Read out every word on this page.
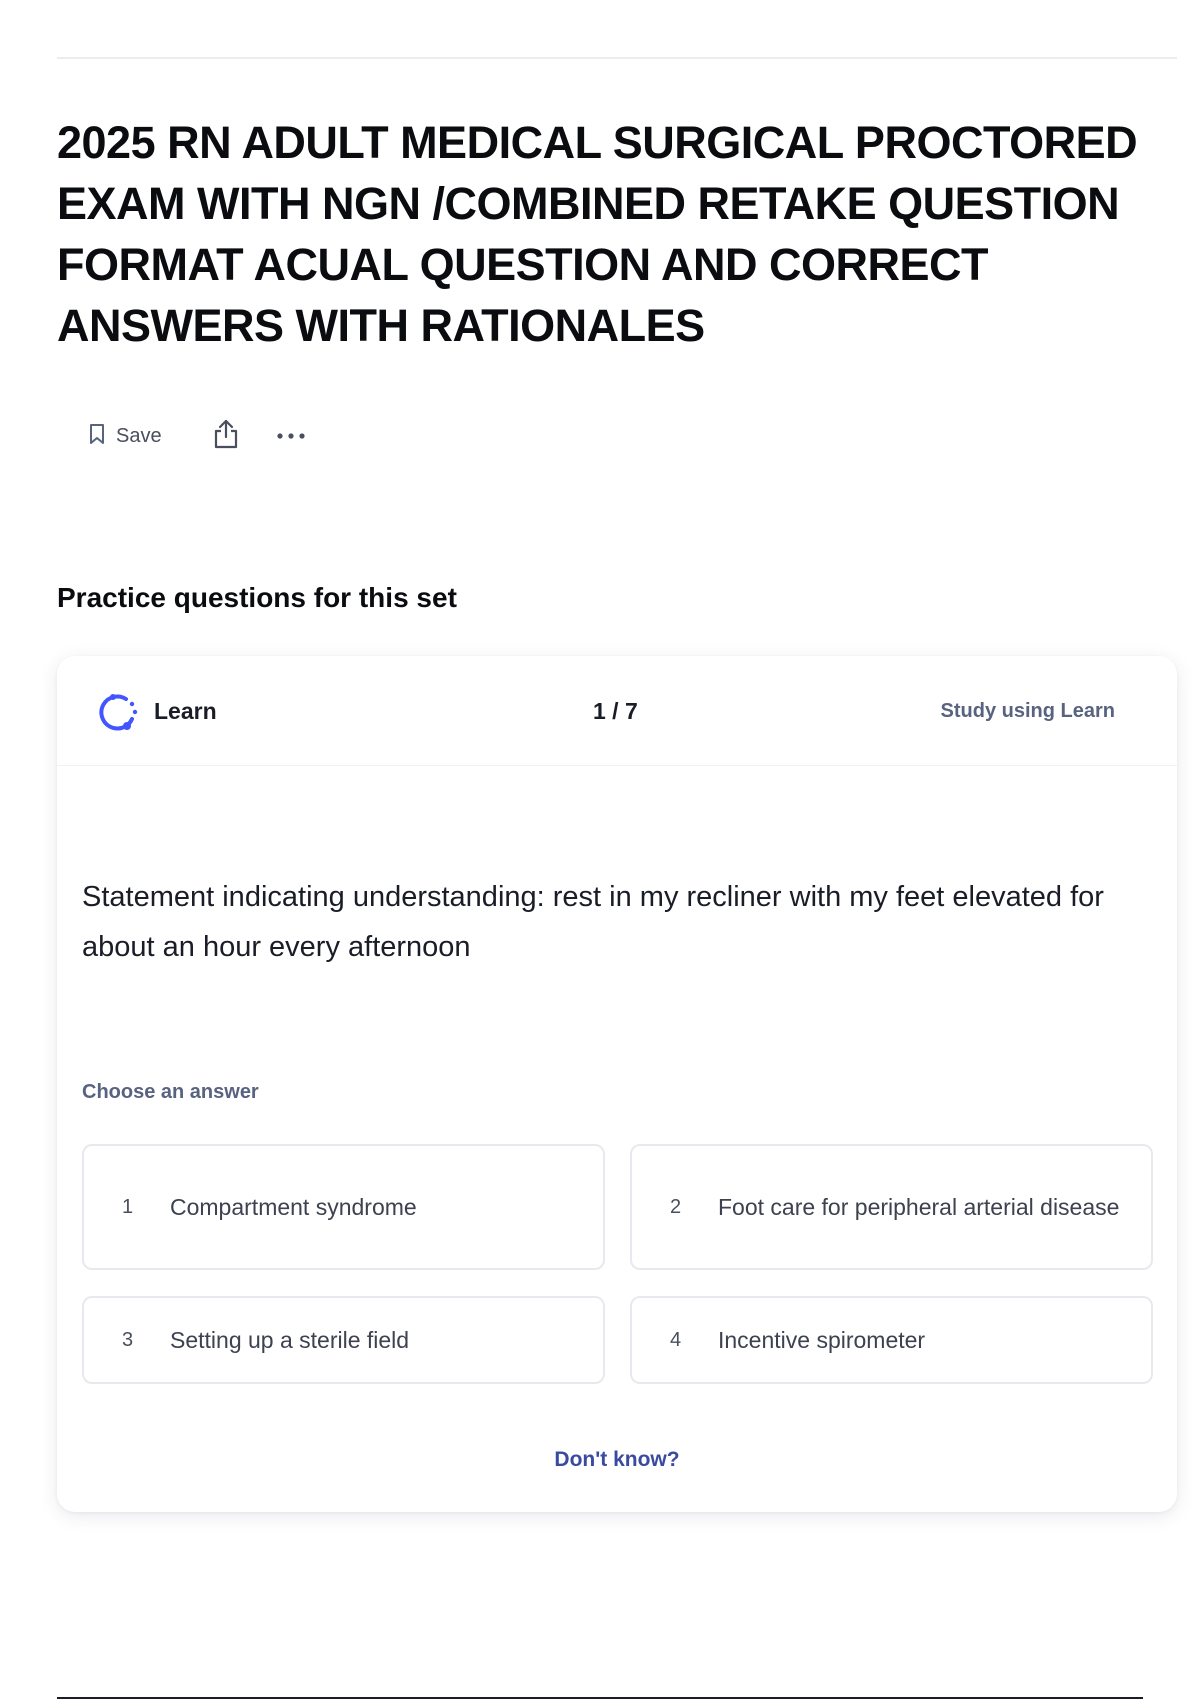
2025 RN ADULT MEDICAL SURGICAL PROCTORED EXAM WITH NGN /COMBINED RETAKE QUESTION FORMAT ACUAL QUESTION AND CORRECT ANSWERS WITH RATIONALES
Save
Practice questions for this set
Learn	1 / 7	Study using Learn

Statement indicating understanding: rest in my recliner with my feet elevated for about an hour every afternoon

Choose an answer
1 Compartment syndrome	2 Foot care for peripheral arterial disease
3 Setting up a sterile field	4 Incentive spirometer
Don't know?
